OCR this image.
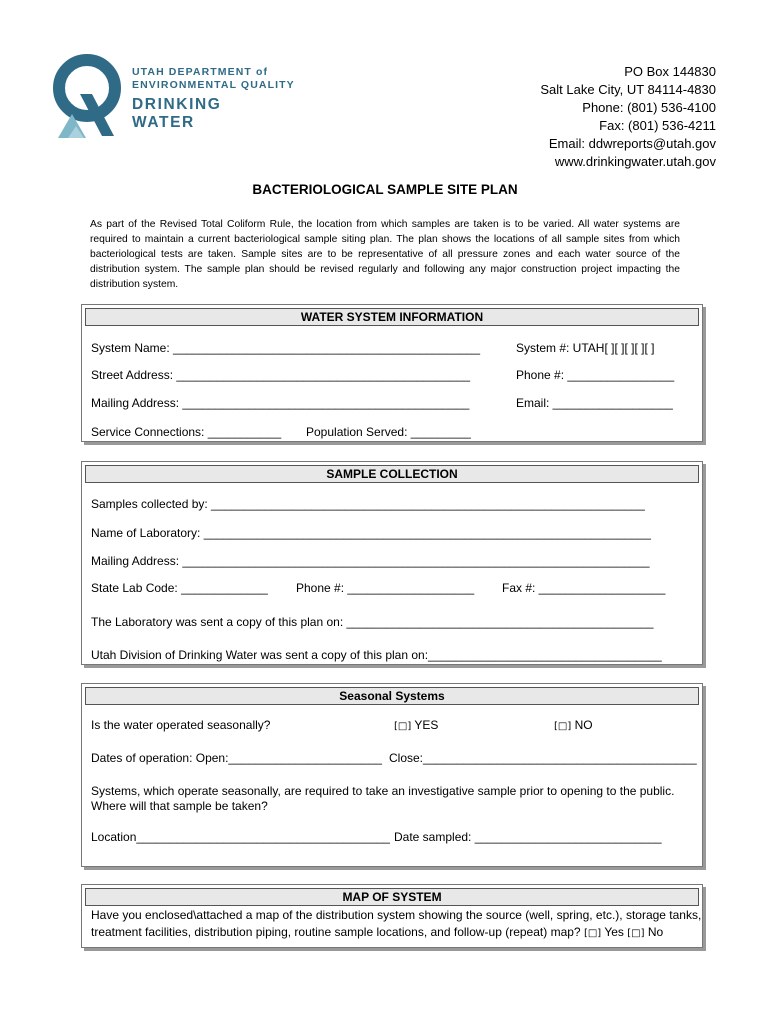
UTAH DEPARTMENT of
ENVIRONMENTAL QUALITY
DRINKING
WATER
PO Box 144830
Salt Lake City, UT 84114-4830
Phone: (801) 536-4100
Fax: (801) 536-4211
Email: ddwreports@utah.gov
www.drinkingwater.utah.gov
BACTERIOLOGICAL SAMPLE SITE PLAN
As part of the Revised Total Coliform Rule, the location from which samples are taken is to be varied. All water systems are required to maintain a current bacteriological sample siting plan. The plan shows the locations of all sample sites from which bacteriological tests are taken. Sample sites are to be representative of all pressure zones and each water source of the distribution system. The sample plan should be revised regularly and following any major construction project impacting the distribution system.
WATER SYSTEM INFORMATION
System Name: ______________________________________________	System #: UTAH[ ][ ][ ][ ][ ]
Street Address: ____________________________________________	Phone #: ________________
Mailing Address: ___________________________________________	Email: __________________
Service Connections: ___________ Population Served: _________
SAMPLE COLLECTION
Samples collected by: _________________________________________________________________
Name of Laboratory: ___________________________________________________________________
Mailing Address: ______________________________________________________________________
State Lab Code: _____________ Phone #: ___________________ Fax #: ___________________
The Laboratory was sent a copy of this plan on: ______________________________________________
Utah Division of Drinking Water was sent a copy of this plan on:___________________________________
Seasonal Systems
Is the water operated seasonally?	[□] YES	[□] NO
Dates of operation: Open:_______________________ Close:_________________________________________
Systems, which operate seasonally, are required to take an investigative sample prior to opening to the public. Where will that sample be taken?
Location______________________________________ Date sampled: ____________________________
MAP OF SYSTEM
Have you enclosed\attached a map of the distribution system showing the source (well, spring, etc.), storage tanks,
treatment facilities, distribution piping, routine sample locations, and follow-up (repeat) map? [□] Yes [□] No
